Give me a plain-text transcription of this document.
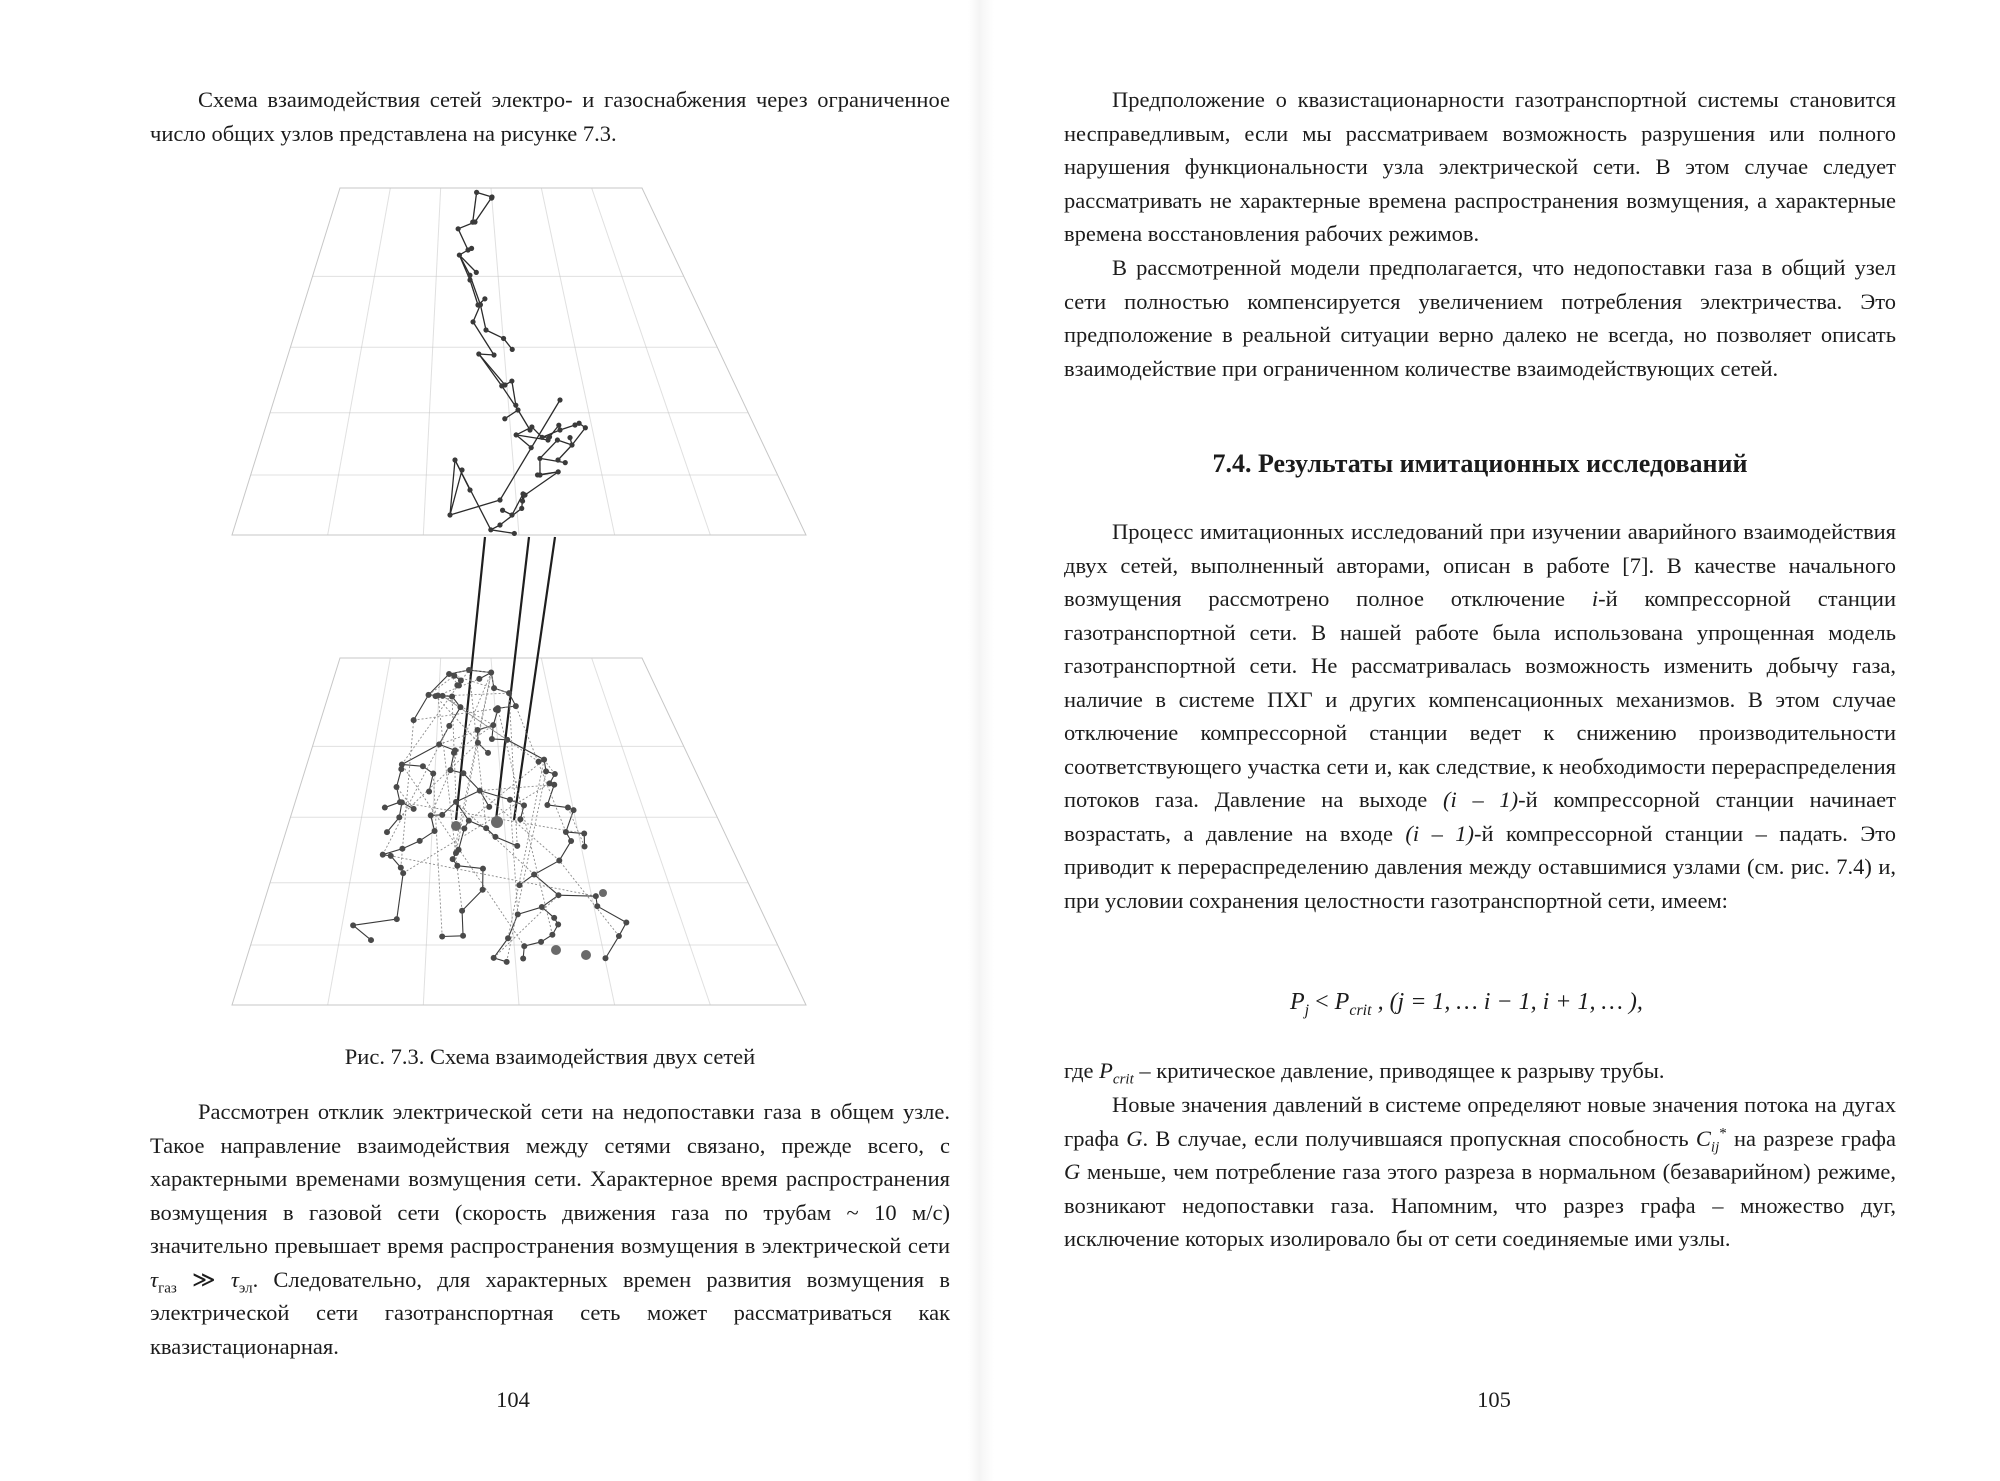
Схема взаимодействия сетей электро- и газоснабжения через ограниченное число общих узлов представлена на рисунке 7.3.

Рис. 7.3. Схема взаимодействия двух сетей

Рассмотрен отклик электрической сети на недопоставки газа в общем узле. Такое направление взаимодействия между сетями связано, прежде всего, с характерными временами возмущения сети. Характерное время распространения возмущения в газовой сети (скорость движения газа по трубам ~ 10 м/с) значительно превышает время распространения возмущения в электрической сети $\tau_{газ}$ ≫ $\tau_{эл}$. Следовательно, для характерных времен развития возмущения в электрической сети газотранспортная сеть может рассматриваться как квазистационарная.

104

Предположение о квазистационарности газотранспортной системы становится несправедливым, если мы рассматриваем возможность разрушения или полного нарушения функциональности узла электрической сети. В этом случае следует рассматривать не характерные времена распространения возмущения, а характерные времена восстановления рабочих режимов.

В рассмотренной модели предполагается, что недопоставки газа в общий узел сети полностью компенсируется увеличением потребления электричества. Это предположение в реальной ситуации верно далеко не всегда, но позволяет описать взаимодействие при ограниченном количестве взаимодействующих сетей.

7.4. Результаты имитационных исследований

Процесс имитационных исследований при изучении аварийного взаимодействия двух сетей, выполненный авторами, описан в работе [7]. В качестве начального возмущения рассмотрено полное отключение i-й компрессорной станции газотранспортной сети. В нашей работе была использована упрощенная модель газотранспортной сети. Не рассматривалась возможность изменить добычу газа, наличие в системе ПХГ и других компенсационных механизмов. В этом случае отключение компрессорной станции ведет к снижению производительности соответствующего участка сети и, как следствие, к необходимости перераспределения потоков газа. Давление на выходе (i – 1)-й компрессорной станции начинает возрастать, а давление на входе (i – 1)-й компрессорной станции – падать. Это приводит к перераспределению давления между оставшимися узлами (см. рис. 7.4) и, при условии сохранения целостности газотранспортной сети, имеем:

$P_j < P_{crit}$ , (j = 1, … i − 1, i + 1, … ),

где $P_{crit}$ – критическое давление, приводящее к разрыву трубы.

Новые значения давлений в системе определяют новые значения потока на дугах графа G. В случае, если получившаяся пропускная способность $C_{ij}^*$ на разрезе графа G меньше, чем потребление газа этого разреза в нормальном (безаварийном) режиме, возникают недопоставки газа. Напомним, что разрез графа – множество дуг, исключение которых изолировало бы от сети соединяемые ими узлы.

105
